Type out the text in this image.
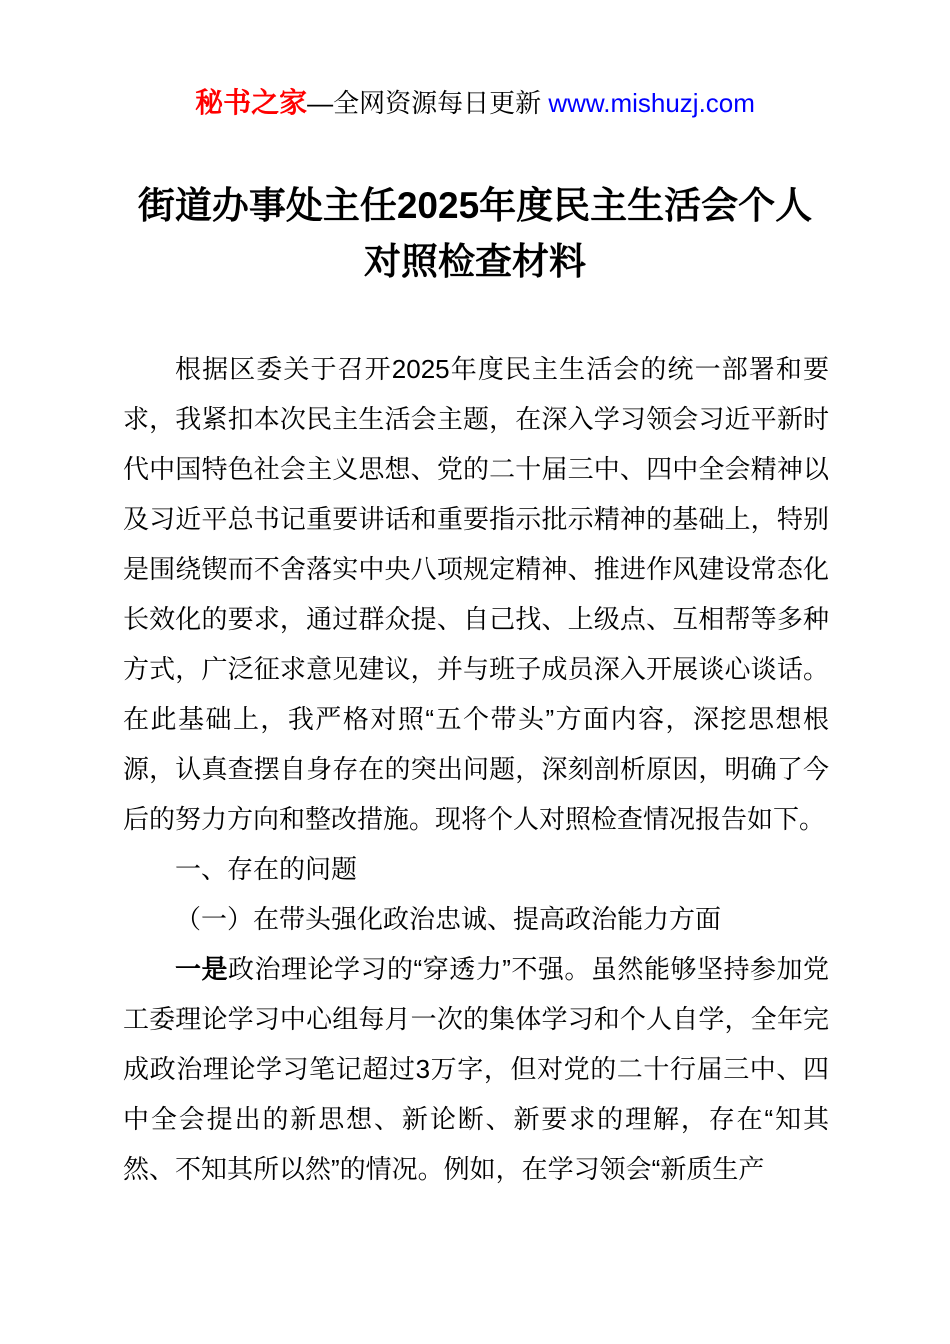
秘书之家—全网资源每日更新 www.mishuzj.com
街道办事处主任2025年度民主生活会个人
对照检查材料

根据区委关于召开2025年度民主生活会的统一部署和要求，我紧扣本次民主生活会主题，在深入学习领会习近平新时代中国特色社会主义思想、党的二十届三中、四中全会精神以及习近平总书记重要讲话和重要指示批示精神的基础上，特别是围绕锲而不舍落实中央八项规定精神、推进作风建设常态化长效化的要求，通过群众提、自己找、上级点、互相帮等多种方式，广泛征求意见建议，并与班子成员深入开展谈心谈话。在此基础上，我严格对照“五个带头”方面内容，深挖思想根源，认真查摆自身存在的突出问题，深刻剖析原因，明确了今后的努力方向和整改措施。现将个人对照检查情况报告如下。

一、存在的问题

（一）在带头强化政治忠诚、提高政治能力方面

一是政治理论学习的“穿透力”不强。虽然能够坚持参加党工委理论学习中心组每月一次的集体学习和个人自学，全年完成政治理论学习笔记超过3万字，但对党的二十行届三中、四中全会提出的新思想、新论断、新要求的理解，存在“知其然、不知其所以然”的情况。例如，在学习领会“新质生产
